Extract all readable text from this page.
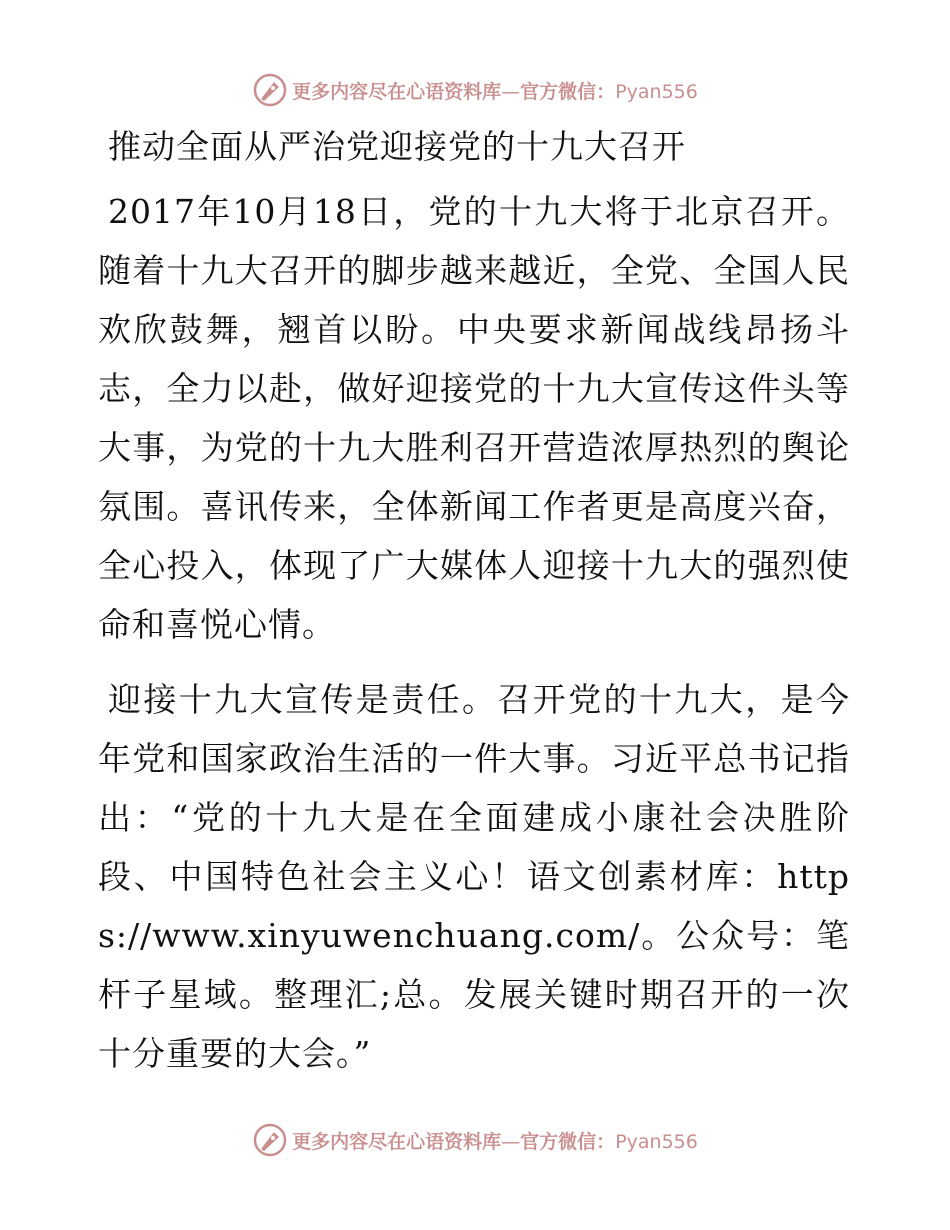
更多内容尽在心语资料库—官方微信：Pyan556
推动全面从严治党迎接党的十九大召开

2017年10月18日，党的十九大将于北京召开。随着十九大召开的脚步越来越近，全党、全国人民欢欣鼓舞，翘首以盼。中央要求新闻战线昂扬斗志，全力以赴，做好迎接党的十九大宣传这件头等大事，为党的十九大胜利召开营造浓厚热烈的舆论氛围。喜讯传来，全体新闻工作者更是高度兴奋，全心投入，体现了广大媒体人迎接十九大的强烈使命和喜悦心情。

迎接十九大宣传是责任。召开党的十九大，是今年党和国家政治生活的一件大事。习近平总书记指出：“党的十九大是在全面建成小康社会决胜阶段、中国特色社会主义心！语文创素材库：https://www.xinyuwenchuang.com/。公众号：笔杆子星域。整理汇;总。发展关键时期召开的一次十分重要的大会。”

更多内容尽在心语资料库—官方微信：Pyan556
